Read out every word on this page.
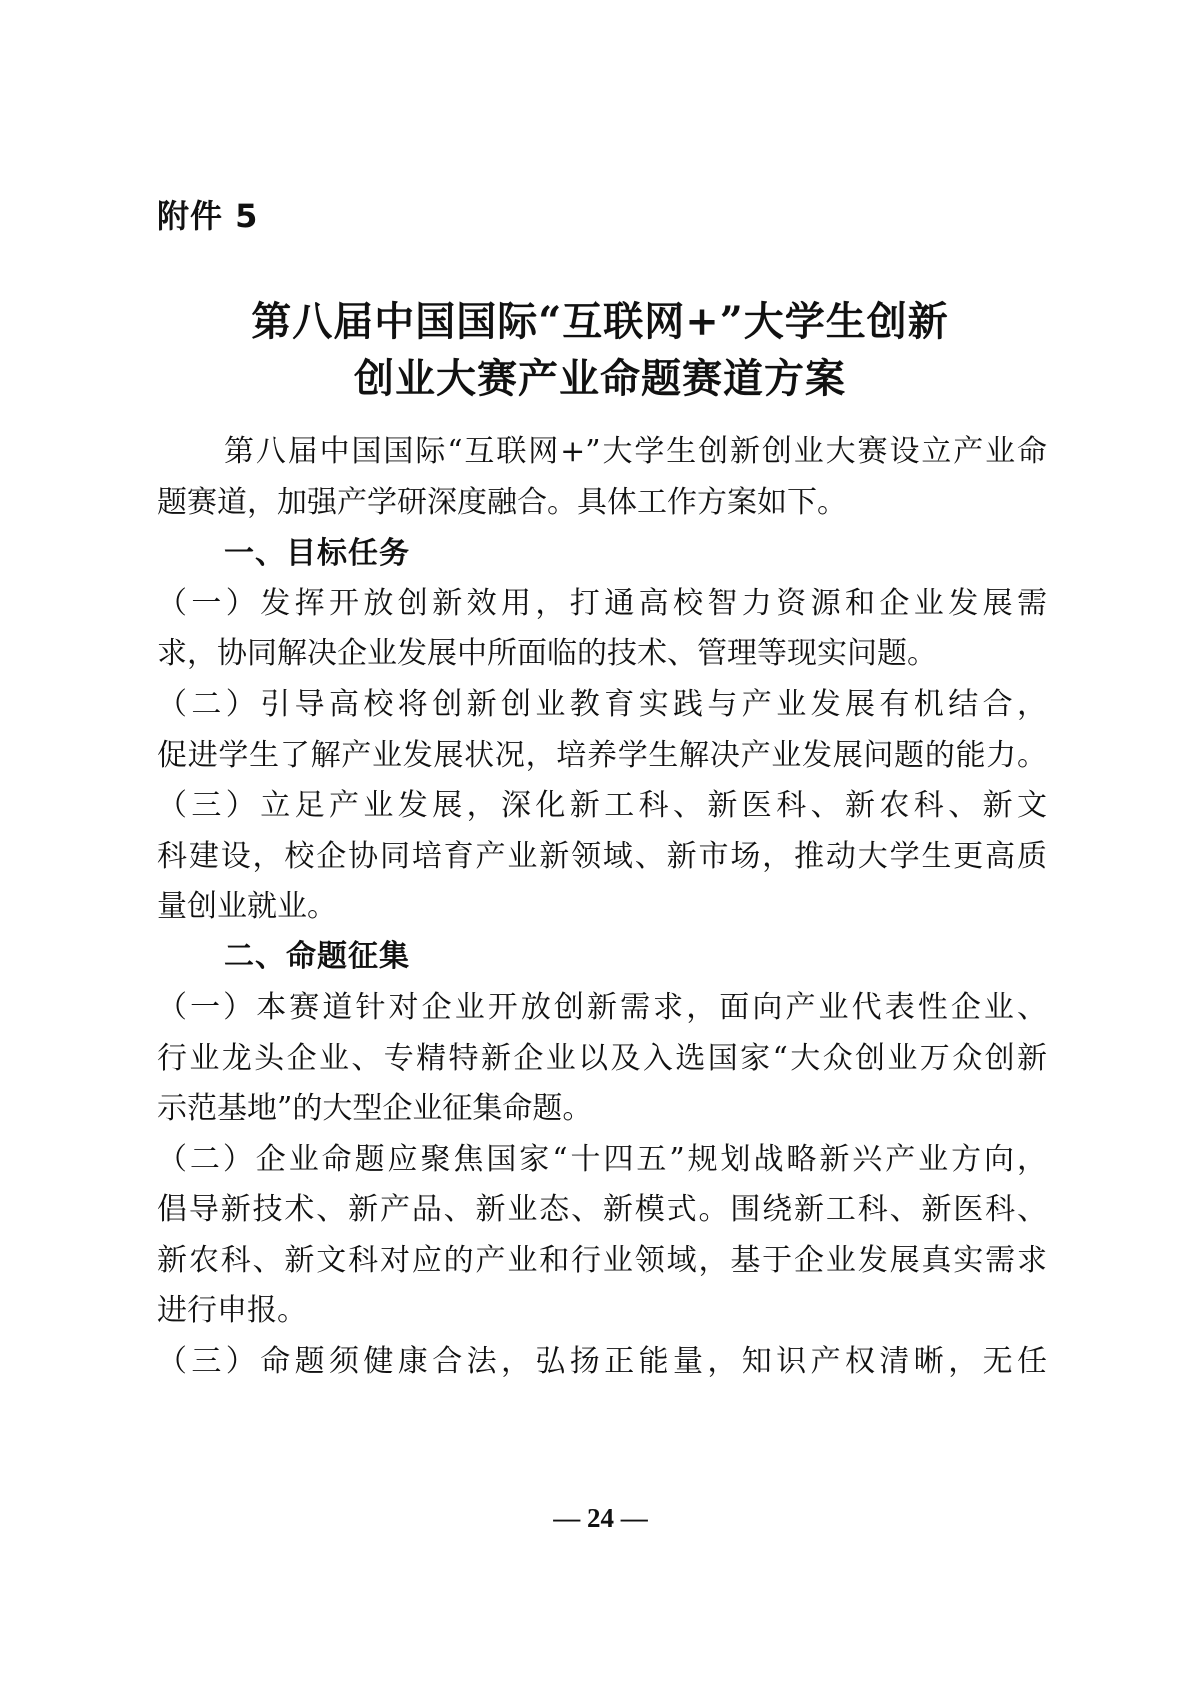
附件 5
第八届中国国际“互联网+”大学生创新
创业大赛产业命题赛道方案
第八届中国国际“互联网+”大学生创新创业大赛设立产业命
题赛道，加强产学研深度融合。具体工作方案如下。
一、目标任务
（一）发挥开放创新效用，打通高校智力资源和企业发展需
求，协同解决企业发展中所面临的技术、管理等现实问题。
（二）引导高校将创新创业教育实践与产业发展有机结合，
促进学生了解产业发展状况，培养学生解决产业发展问题的能力。
（三）立足产业发展，深化新工科、新医科、新农科、新文
科建设，校企协同培育产业新领域、新市场，推动大学生更高质
量创业就业。
二、命题征集
（一）本赛道针对企业开放创新需求，面向产业代表性企业、
行业龙头企业、专精特新企业以及入选国家“大众创业万众创新
示范基地”的大型企业征集命题。
（二）企业命题应聚焦国家“十四五”规划战略新兴产业方向，
倡导新技术、新产品、新业态、新模式。围绕新工科、新医科、
新农科、新文科对应的产业和行业领域，基于企业发展真实需求
进行申报。
（三）命题须健康合法，弘扬正能量，知识产权清晰，无任
— 24 —
